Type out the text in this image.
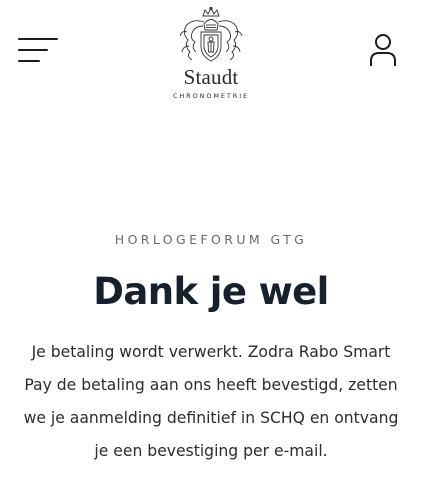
Staudt
CHRONOMETRIE

HORLOGEFORUM GTG

Dank je wel

Je betaling wordt verwerkt. Zodra Rabo Smart
Pay de betaling aan ons heeft bevestigd, zetten
we je aanmelding definitief in SCHQ en ontvang
je een bevestiging per e-mail.
